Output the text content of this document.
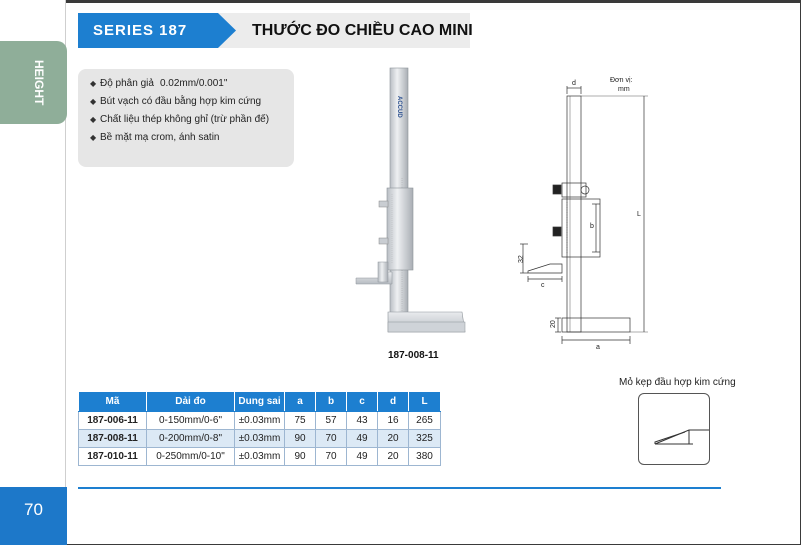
HEIGHT
70
SERIES 187	THƯỚC ĐO CHIỀU CAO MINI
◆ Độ phân giả 0.02mm/0.001"
◆ Bút vạch có đầu bằng hợp kim cứng
◆ Chất liệu thép không ghỉ (trừ phần đế)
◆ Bề mặt mạ crom, ánh satin
ACCUD
187-008-11
Đơn vị:
mm
d
L
b
32
c
20
a
Mã	Dải đo	Dung sai	a	b	c	d	L
187-006-11	0-150mm/0-6"	±0.03mm	75	57	43	16	265
187-008-11	0-200mm/0-8"	±0.03mm	90	70	49	20	325
187-010-11	0-250mm/0-10"	±0.03mm	90	70	49	20	380
Mỏ kẹp đầu hợp kim cứng
